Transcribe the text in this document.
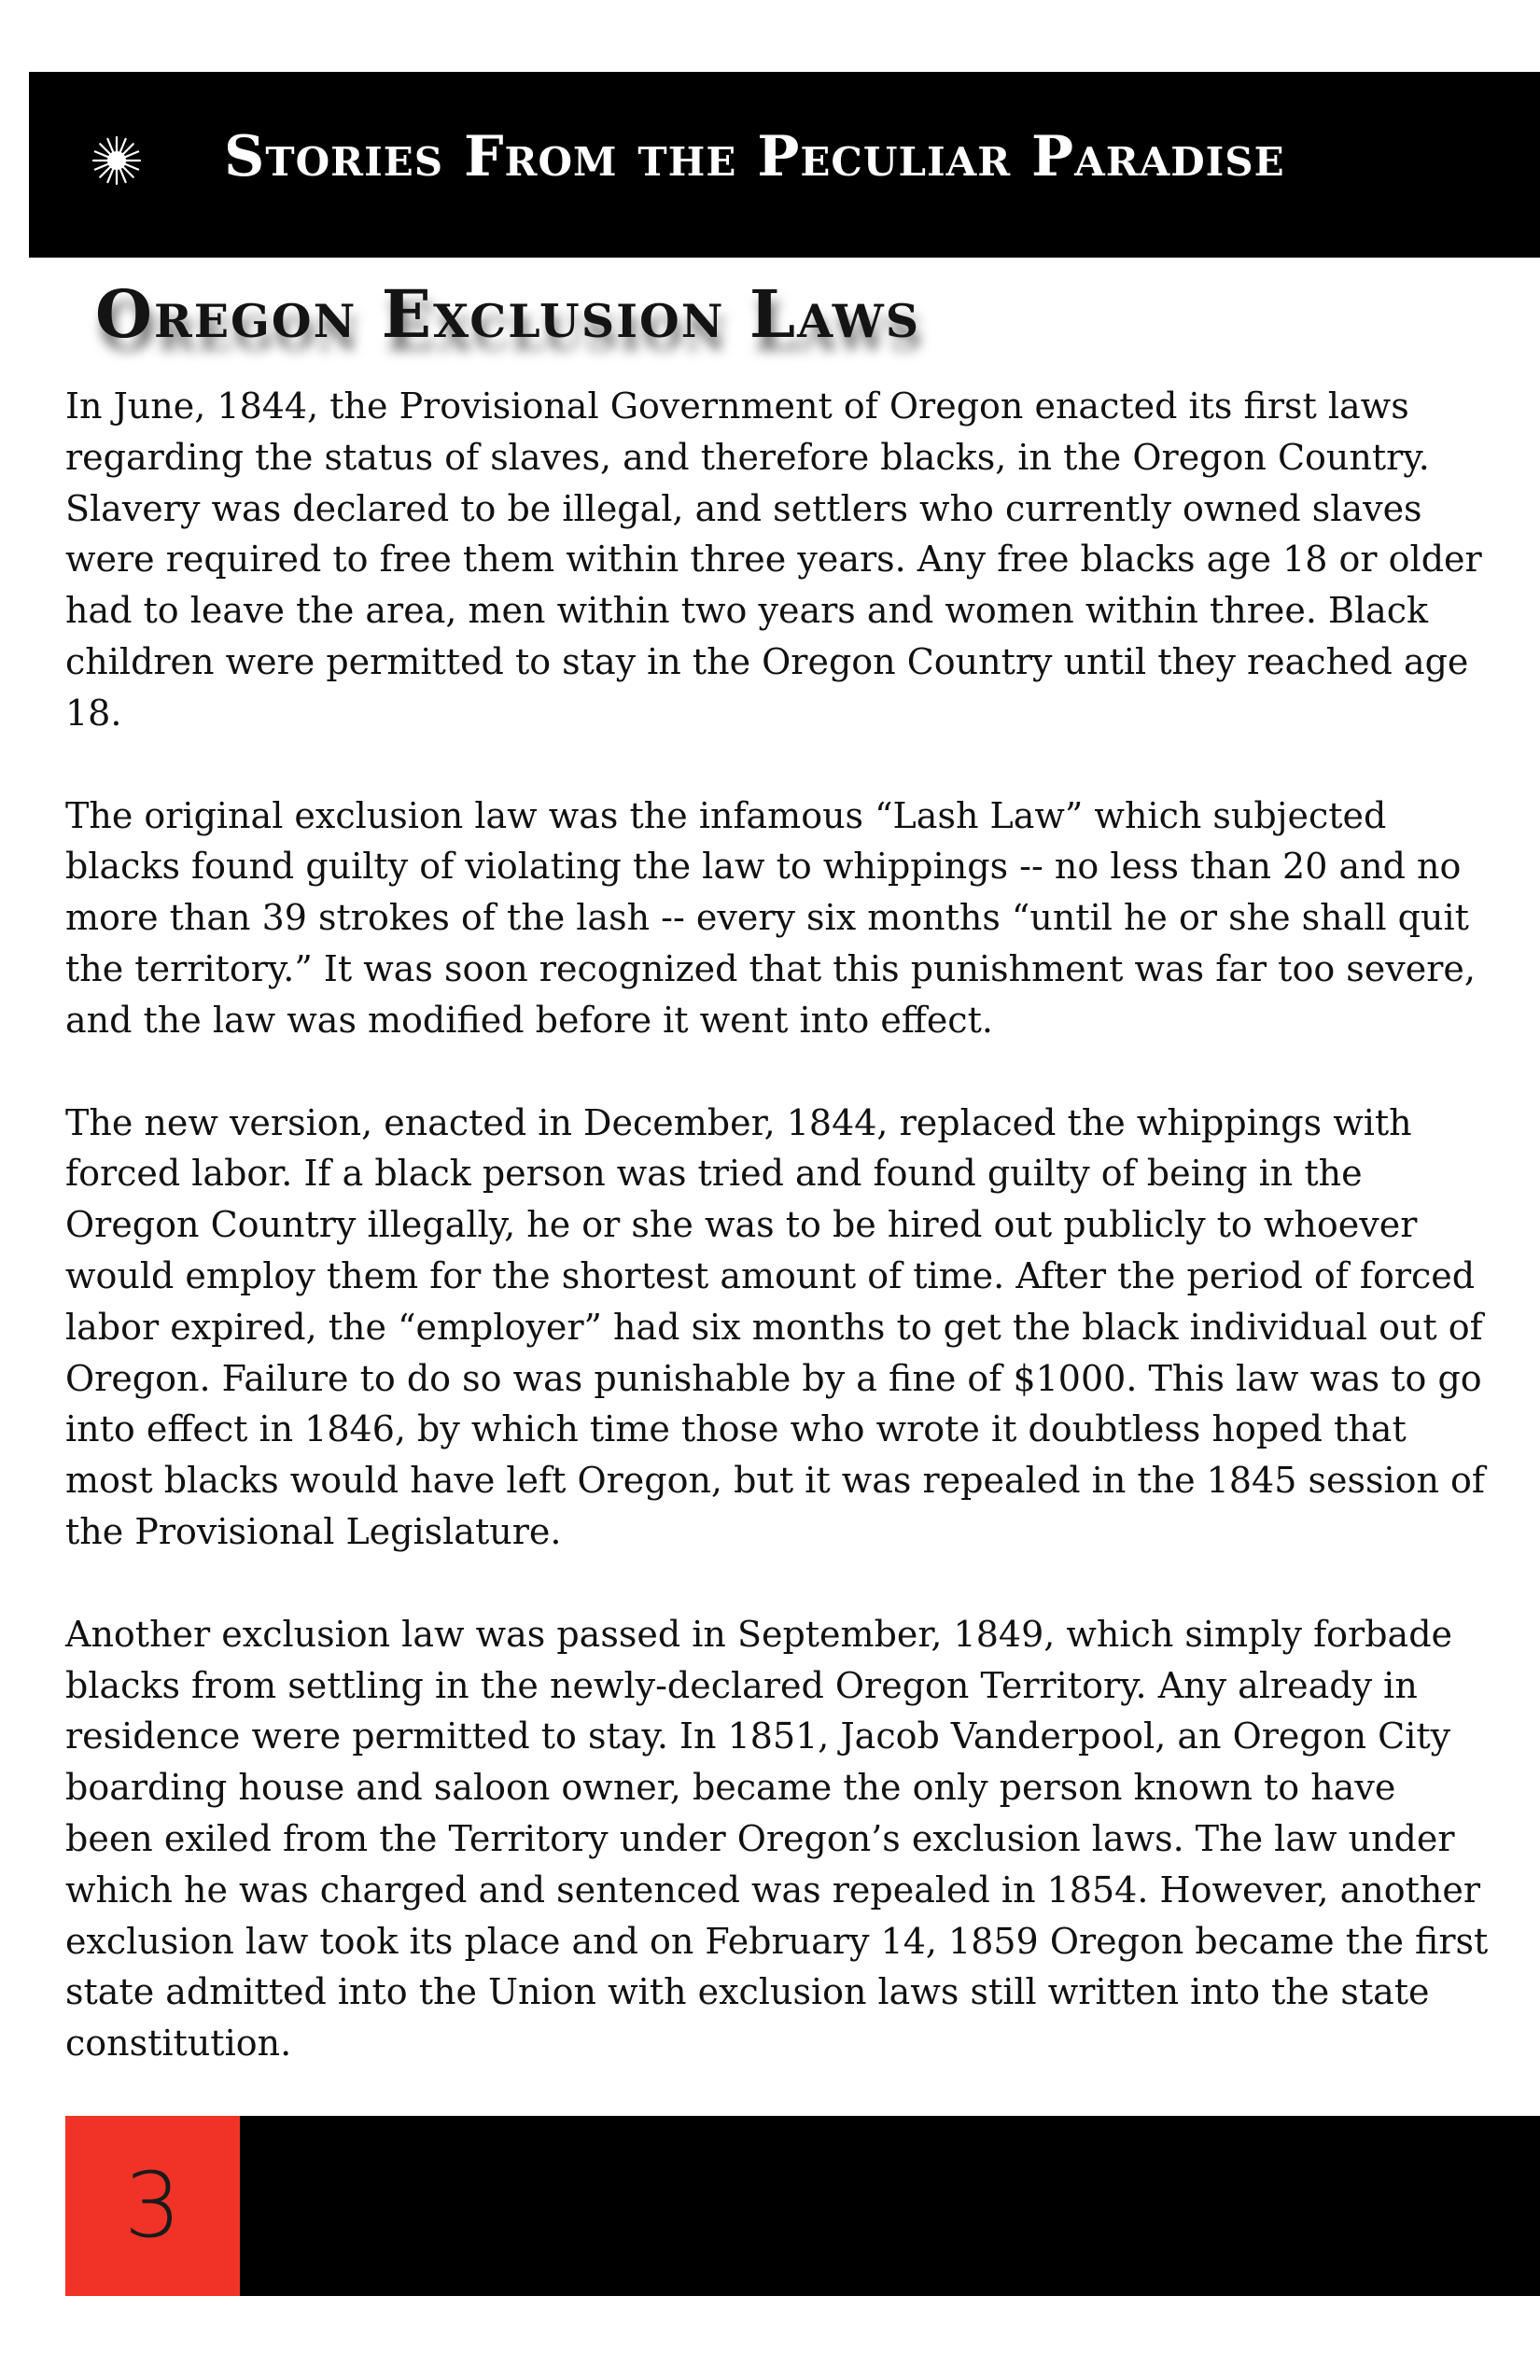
Stories From the Peculiar Paradise
Oregon Exclusion Laws

In June, 1844, the Provisional Government of Oregon enacted its first laws regarding the status of slaves, and therefore blacks, in the Oregon Country. Slavery was declared to be illegal, and settlers who currently owned slaves were required to free them within three years. Any free blacks age 18 or older had to leave the area, men within two years and women within three. Black children were permitted to stay in the Oregon Country until they reached age 18.

The original exclusion law was the infamous “Lash Law” which subjected blacks found guilty of violating the law to whippings -- no less than 20 and no more than 39 strokes of the lash -- every six months “until he or she shall quit the territory.” It was soon recognized that this punishment was far too severe, and the law was modified before it went into effect.

The new version, enacted in December, 1844, replaced the whippings with forced labor. If a black person was tried and found guilty of being in the Oregon Country illegally, he or she was to be hired out publicly to whoever would employ them for the shortest amount of time. After the period of forced labor expired, the “employer” had six months to get the black individual out of Oregon. Failure to do so was punishable by a fine of $1000. This law was to go into effect in 1846, by which time those who wrote it doubtless hoped that most blacks would have left Oregon, but it was repealed in the 1845 session of the Provisional Legislature.

Another exclusion law was passed in September, 1849, which simply forbade blacks from settling in the newly-declared Oregon Territory. Any already in residence were permitted to stay. In 1851, Jacob Vanderpool, an Oregon City boarding house and saloon owner, became the only person known to have been exiled from the Territory under Oregon’s exclusion laws. The law under which he was charged and sentenced was repealed in 1854. However, another exclusion law took its place and on February 14, 1859 Oregon became the first state admitted into the Union with exclusion laws still written into the state constitution.

3
